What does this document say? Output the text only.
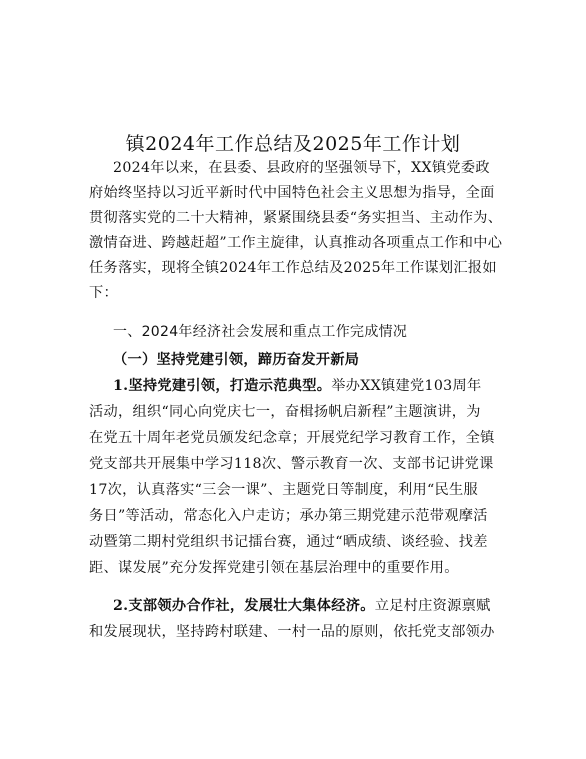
镇2024年工作总结及2025年工作计划
2024年以来，在县委、县政府的坚强领导下，XX镇党委政
府始终坚持以习近平新时代中国特色社会主义思想为指导，全面
贯彻落实党的二十大精神，紧紧围绕县委“务实担当、主动作为、
激情奋进、跨越赶超”工作主旋律，认真推动各项重点工作和中心
任务落实，现将全镇2024年工作总结及2025年工作谋划汇报如
下：
一、2024年经济社会发展和重点工作完成情况
（一）坚持党建引领，蹄历奋发开新局
1.坚持党建引领，打造示范典型。举办XX镇建党103周年
活动，组织“同心向党庆七一，奋楫扬帆启新程”主题演讲，为
在党五十周年老党员颁发纪念章；开展党纪学习教育工作，全镇
党支部共开展集中学习118次、警示教育一次、支部书记讲党课
17次，认真落实“三会一课”、主题党日等制度，利用“民生服
务日”等活动，常态化入户走访；承办第三期党建示范带观摩活
动暨第二期村党组织书记擂台赛，通过“晒成绩、谈经验、找差
距、谋发展”充分发挥党建引领在基层治理中的重要作用。
2.支部领办合作社，发展壮大集体经济。立足村庄资源禀赋
和发展现状，坚持跨村联建、一村一品的原则，依托党支部领办
